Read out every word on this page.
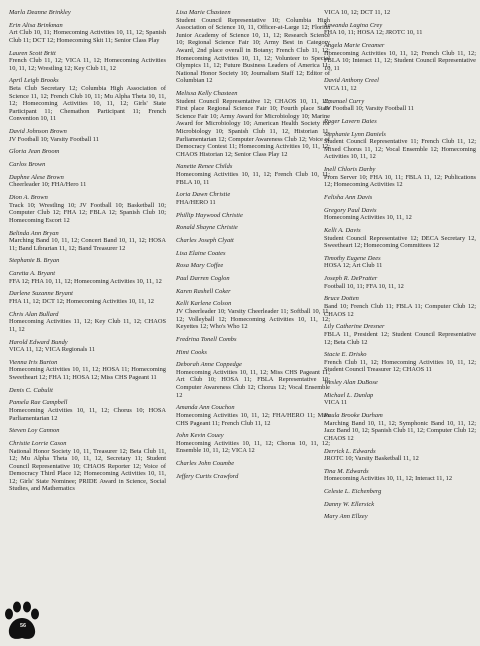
Marla Deanne Brinkley
Erin Alisa Brinkman
Art Club 10, 11; Homecoming Activities 10, 11, 12; Spanish Club 11; DCT 12; Homecoming Skit 11; Senior Class Play
Lauren Scott Britt
French Club 11, 12; VICA 11, 12; Homecoming Activities 10, 11, 12; Wrestling 12; Key Club 11, 12
April Leigh Brooks
Beta Club Secretary 12; Columbia High Association of Science 11, 12; French Club 10, 11; Mu Alpha Theta 10, 11, 12; Homecoming Activities 10, 11, 12; Girls' State Participant 11; Chemathon Participant 11; French Convention 10, 11
David Johnson Brown
JV Football 10; Varsity Football 11
Gloria Jean Broom
Carlos Brown
Daphne Alese Brown
Cheerleader 10; FHA/Hero 11
Dion A. Brown
Track 10; Wrestling 10; JV Football 10; Basketball 10; Computer Club 12; FHA 12; FBLA 12; Spanish Club 10; Homecoming Escort 12
Belinda Ann Bryan
Marching Band 10, 11, 12; Concert Band 10, 11, 12; HOSA 11; Band Librarian 11, 12; Band Treasurer 12
Stephanie B. Bryan
Caretta A. Bryant
FFA 12; FHA 10, 11, 12; Homecoming Activities 10, 11, 12
Darlene Suzanne Bryant
FHA 11, 12; DCT 12; Homecoming Activities 10, 11, 12
Chris Alan Bullard
Homecoming Activities 11, 12; Key Club 11, 12; CHAOS 11, 12
Harold Edward Bundy
VICA 11, 12; VICA Regionals 11
Vienna Iris Burton
Homecoming Activities 10, 11, 12; HOSA 11; Homecoming Sweetheart 12; FHA 11; HOSA 12; Miss CHS Pageant 11
Denis C. Cabulit
Pamela Rae Campbell
Homecoming Activities 10, 11, 12; Chorus 10; HOSA Parliamentarian 12
Steven Loy Cannon
Christie Lorrie Cason
National Honor Society 10, 11, Treasurer 12; Beta Club 11, 12; Mu Alpha Theta 10, 11, 12, Secretary 11; Student Council Representative 10; CHAOS Reporter 12; Voice of Democracy Third Place 12; Homecoming Activities 10, 11, 12; Girls' State Nominee; PRIDE Award in Science, Social Studies, and Mathematics
Lisa Marie Chasteen
Student Council Representative 10; Columbia High Association of Science 10, 11, Officer-at-Large 12; Florida Junior Academy of Science 10, 11, 12; Research Science 10; Regional Science Fair 10; Army Best in Category Award, 2nd place overall in Botany; French Club 11, 12; Homecoming Activities 10, 11, 12; Volunteer to Special Olympics 11, 12; Future Business Leaders of America 11; National Honor Society 10; Journalism Staff 12; Editor of Columbian 12
Melissa Kelly Chasteen
Student Council Representative 12; CHAOS 10, 11, 12; First place Regional Science Fair 10; Fourth place State Science Fair 10; Army Award for Microbiology 10; Marine Award for Microbiology 10; American Health Society for Microbiology 10; Spanish Club 11, 12, Historian 11, Parliamentarian 12; Computer Awareness Club 12; Voice of Democracy Contest 11; Homecoming Activities 10, 11, 12; CHAOS Historian 12; Senior Class Play 12
Nanette Renee Childs
Homecoming Activities 10, 11, 12; French Club 10, 11; FBLA 10, 11
Loria Dawn Christie
FHA/HERO 11
Phillip Haywood Christie
Ronald Shayne Christie
Charles Joseph Clyatt
Lisa Elaine Coates
Rosa Mary Coffee
Paul Darren Coglon
Karen Rashell Coker
Kelli Karlene Colson
JV Cheerleader 10; Varsity Cheerleader 11; Softball 10, 11, 12; Volleyball 12; Homecoming Activities 10, 11, 12; Keyettes 12; Who's Who 12
Fredrina Tonell Combs
Himi Cooks
Deborah Anne Coppedge
Homecoming Activities 10, 11, 12; Miss CHS Pageant 11; Art Club 10; HOSA 11; FBLA Representative 10; Computer Awareness Club 12; Chorus 12; Vocal Ensemble 12
Amanda Ann Couchon
Homecoming Activities 10, 11, 12; FHA/HERO 11; Miss CHS Pageant 11; French Club 11, 12
John Kevin Couey
Homecoming Activities 10, 11, 12; Chorus 10, 11, 12; Ensemble 10, 11, 12; VICA 12
Charles John Coumbe
Jeffery Curtis Crawford
VICA 10, 12; DCT 11, 12
Lawanda Lagina Crey
FHA 10, 11; HOSA 12; JROTC 10, 11
Angela Marie Creamer
Homecoming Activities 10, 11, 12; French Club 11, 12; FBLA 10; Interact 11, 12; Student Council Representative 10, 11
David Anthony Creel
VICA 11, 12
Emanuel Curry
JV Football 10; Varsity Football 11
Roger Lavern Daies
Stephanie Lynn Daniels
Student Council Representative 11; French Club 11, 12; Mixed Chorus 11, 12; Vocal Ensemble 12; Homecoming Activities 10, 11, 12
Inell Chloris Darby
Prom Server 10; FHA 10, 11; FBLA 11, 12; Publications 12; Homecoming Activities 12
Felisha Ann Davis
Gregory Paul Davis
Homecoming Activities 10, 11, 12
Kelli A. Davis
Student Council Representative 12; DECA Secretary 12, Sweetheart 12; Homecoming Committees 12
Timothy Eugene Dees
HOSA 12; Art Club 11
Joseph R. DePratter
Football 10, 11; FFA 10, 11, 12
Bruce Dotten
Band 10; French Club 11; FBLA 11; Computer Club 12; CHAOS 12
Lily Catherine Dresner
FBLA 11, President 12; Student Council Representative 12; Beta Club 12
Stacie E. Drisko
French Club 11, 12; Homecoming Activities 10, 11, 12; Student Council Treasurer 12; CHAOS 11
Wesley Alan DuBose
Michael L. Dunlap
VICA 11
Paula Brooke Durham
Marching Band 10, 11, 12; Symphonic Band 10, 11, 12; Jazz Band 10, 12; Spanish Club 11, 12; Computer Club 12; CHAOS 12
Derrick L. Edwards
JROTC 10; Varsity Basketball 11, 12
Tina M. Edwards
Homecoming Activities 10, 11, 12; Interact 11, 12
Celeste L. Eichenberg
Danny W. Ellersick
Mary Ann Ellzey
56
